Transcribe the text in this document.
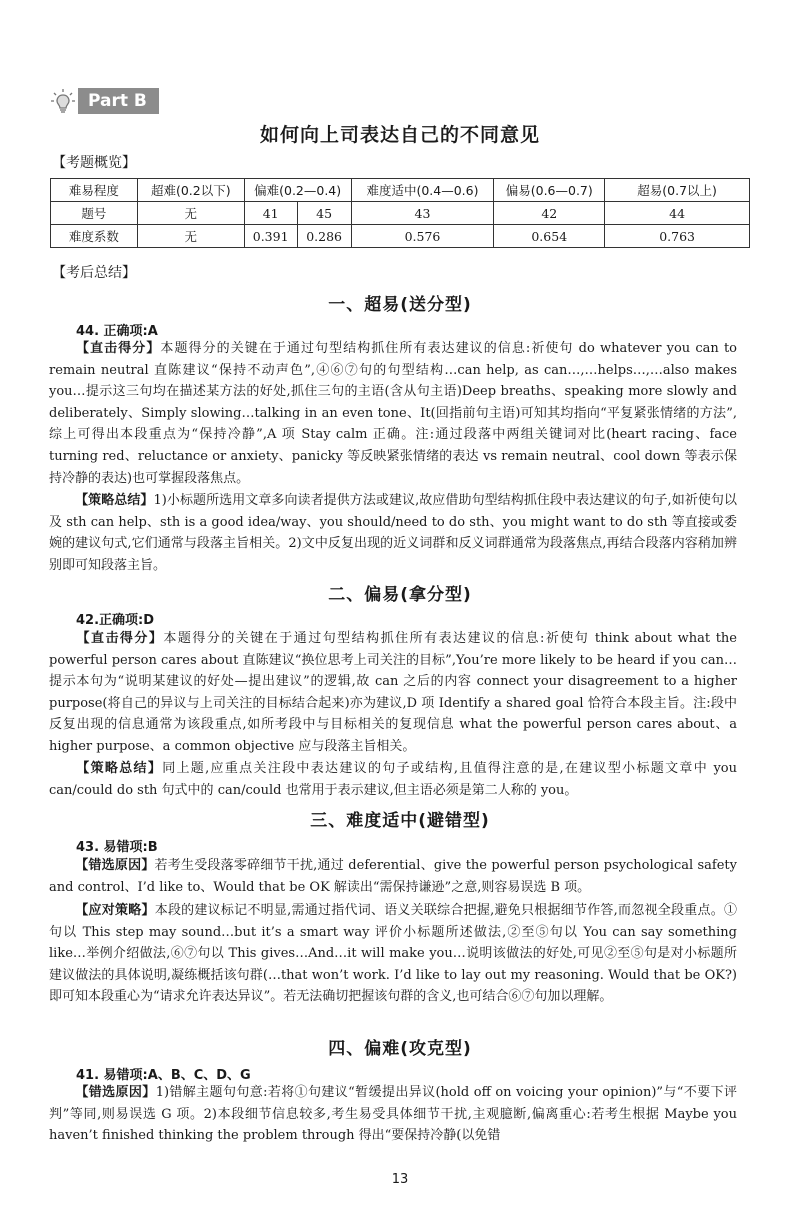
Part B
如何向上司表达自己的不同意见
【考题概览】
难易程度	超难(0.2以下)	偏难(0.2—0.4)		难度适中(0.4—0.6)	偏易(0.6—0.7)	超易(0.7以上)
题号	无	41	45	43	42	44
难度系数	无	0.391	0.286	0.576	0.654	0.763
【考后总结】
一、超易(送分型)
44. 正确项:A

【直击得分】本题得分的关键在于通过句型结构抓住所有表达建议的信息:祈使句 do whatever you can to remain neutral 直陈建议“保持不动声色”,④⑥⑦句的句型结构…can help, as can…,…helps…,…also makes you…提示这三句均在描述某方法的好处,抓住三句的主语(含从句主语)Deep breaths、speaking more slowly and deliberately、Simply slowing…talking in an even tone、It(回指前句主语)可知其均指向“平复紧张情绪的方法”,综上可得出本段重点为“保持冷静”,A 项 Stay calm 正确。注:通过段落中两组关键词对比(heart racing、face turning red、reluctance or anxiety、panicky 等反映紧张情绪的表达 vs remain neutral、cool down 等表示保持冷静的表达)也可掌握段落焦点。

【策略总结】1)小标题所选用文章多向读者提供方法或建议,故应借助句型结构抓住段中表达建议的句子,如祈使句以及 sth can help、sth is a good idea/way、you should/need to do sth、you might want to do sth 等直接或委婉的建议句式,它们通常与段落主旨相关。2)文中反复出现的近义词群和反义词群通常为段落焦点,再结合段落内容稍加辨别即可知段落主旨。

二、偏易(拿分型)
42.正确项:D

【直击得分】本题得分的关键在于通过句型结构抓住所有表达建议的信息:祈使句 think about what the powerful person cares about 直陈建议“换位思考上司关注的目标”,You’re more likely to be heard if you can…提示本句为“说明某建议的好处—提出建议”的逻辑,故 can 之后的内容 connect your disagreement to a higher purpose(将自己的异议与上司关注的目标结合起来)亦为建议,D 项 Identify a shared goal 恰符合本段主旨。注:段中反复出现的信息通常为该段重点,如所考段中与目标相关的复现信息 what the powerful person cares about、a higher purpose、a common objective 应与段落主旨相关。

【策略总结】同上题,应重点关注段中表达建议的句子或结构,且值得注意的是,在建议型小标题文章中 you can/could do sth 句式中的 can/could 也常用于表示建议,但主语必须是第二人称的 you。

三、难度适中(避错型)
43. 易错项:B

【错选原因】若考生受段落零碎细节干扰,通过 deferential、give the powerful person psychological safety and control、I’d like to、Would that be OK 解读出“需保持谦逊”之意,则容易误选 B 项。

【应对策略】本段的建议标记不明显,需通过指代词、语义关联综合把握,避免只根据细节作答,而忽视全段重点。①句以 This step may sound…but it’s a smart way 评价小标题所述做法,②至⑤句以 You can say something like…举例介绍做法,⑥⑦句以 This gives…And…it will make you…说明该做法的好处,可见②至⑤句是对小标题所建议做法的具体说明,凝练概括该句群(…that won’t work. I’d like to lay out my reasoning. Would that be OK?)即可知本段重心为“请求允许表达异议”。若无法确切把握该句群的含义,也可结合⑥⑦句加以理解。

四、偏难(攻克型)
41. 易错项:A、B、C、D、G

【错选原因】1)错解主题句句意:若将①句建议“暂缓提出异议(hold off on voicing your opinion)”与“不要下评判”等同,则易误选 G 项。2)本段细节信息较多,考生易受具体细节干扰,主观臆断,偏离重心:若考生根据 Maybe you haven’t finished thinking the problem through 得出“要保持冷静(以免错

13
